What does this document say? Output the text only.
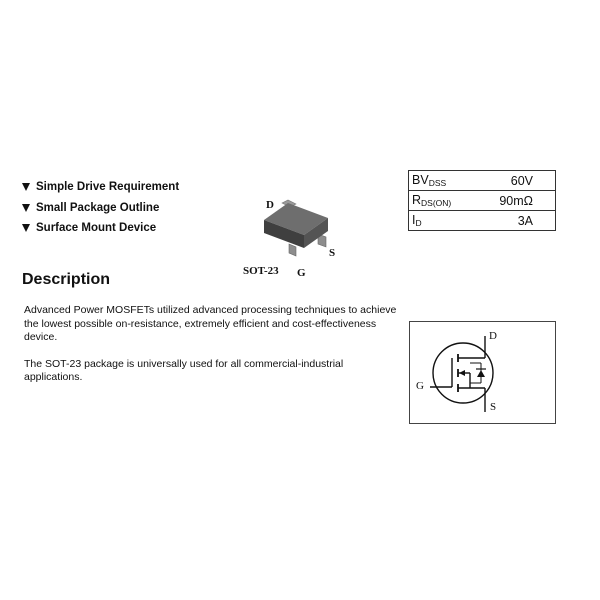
Simple Drive Requirement
Small Package Outline
Surface Mount Device
D
S
SOT-23 G
$BV_{DSS}$	60V
$R_{DS(ON)}$	90mΩ
$I_D$	3A
Description

Advanced Power MOSFETs utilized advanced processing techniques to achieve the lowest possible on-resistance, extremely efficient and cost-effectiveness device.

The SOT-23 package is universally used for all commercial-industrial applications.

D
G
S
